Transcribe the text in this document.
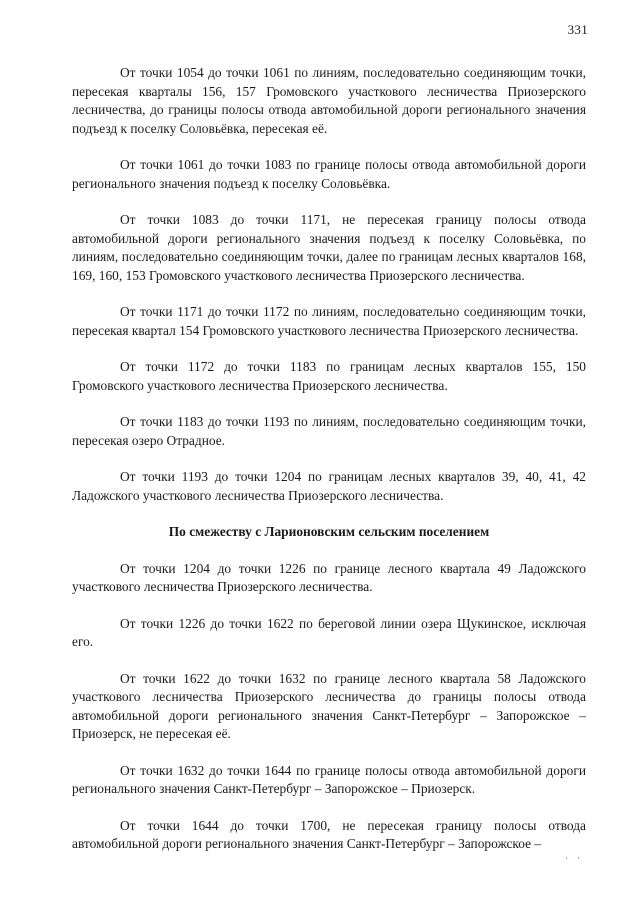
331

От точки 1054 до точки 1061 по линиям, последовательно соединяющим точки, пересекая кварталы 156, 157 Громовского участкового лесничества Приозерского лесничества, до границы полосы отвода автомобильной дороги регионального значения подъезд к поселку Соловьёвка, пересекая её.

От точки 1061 до точки 1083 по границе полосы отвода автомобильной дороги регионального значения подъезд к поселку Соловьёвка.

От точки 1083 до точки 1171, не пересекая границу полосы отвода автомобильной дороги регионального значения подъезд к поселку Соловьёвка, по линиям, последовательно соединяющим точки, далее по границам лесных кварталов 168, 169, 160, 153 Громовского участкового лесничества Приозерского лесничества.

От точки 1171 до точки 1172 по линиям, последовательно соединяющим точки, пересекая квартал 154 Громовского участкового лесничества Приозерского лесничества.

От точки 1172 до точки 1183 по границам лесных кварталов 155, 150 Громовского участкового лесничества Приозерского лесничества.

От точки 1183 до точки 1193 по линиям, последовательно соединяющим точки, пересекая озеро Отрадное.

От точки 1193 до точки 1204 по границам лесных кварталов 39, 40, 41, 42 Ладожского участкового лесничества Приозерского лесничества.

По смежеству с Ларионовским сельским поселением

От точки 1204 до точки 1226 по границе лесного квартала 49 Ладожского участкового лесничества Приозерского лесничества.

От точки 1226 до точки 1622 по береговой линии озера Щукинское, исключая его.

От точки 1622 до точки 1632 по границе лесного квартала 58 Ладожского участкового лесничества Приозерского лесничества до границы полосы отвода автомобильной дороги регионального значения Санкт-Петербург – Запорожское – Приозерск, не пересекая её.

От точки 1632 до точки 1644 по границе полосы отвода автомобильной дороги регионального значения Санкт-Петербург – Запорожское – Приозерск.

От точки 1644 до точки 1700, не пересекая границу полосы отвода автомобильной дороги регионального значения Санкт-Петербург – Запорожское –

·    ·
